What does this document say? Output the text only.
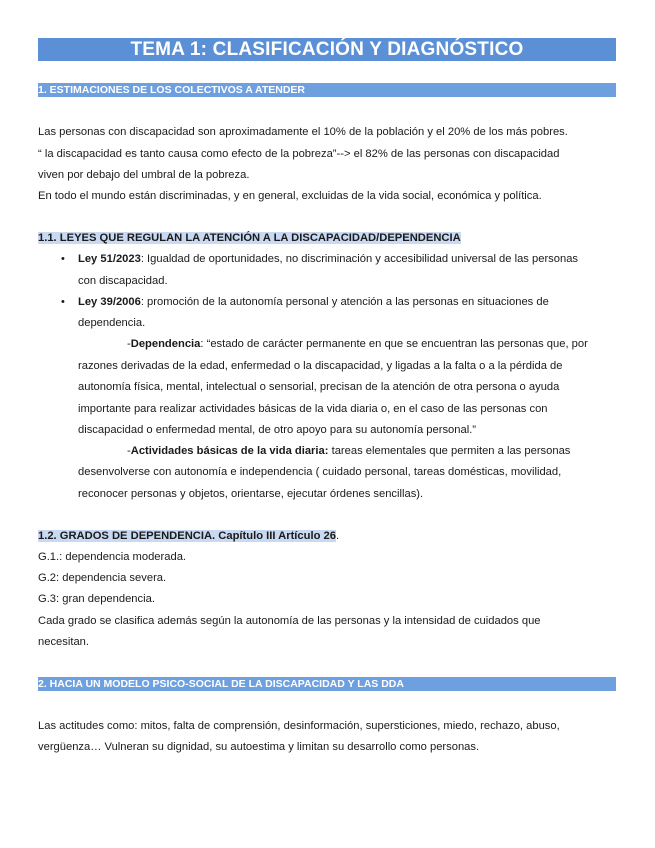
TEMA 1: CLASIFICACIÓN Y DIAGNÓSTICO
1. ESTIMACIONES DE LOS COLECTIVOS A ATENDER
Las personas con discapacidad son aproximadamente el 10% de la población y el 20% de los más pobres.
“ la discapacidad es tanto causa como efecto de la pobreza”--> el 82% de las personas con discapacidad
viven por debajo del umbral de la pobreza.
En todo el mundo están discriminadas, y en general, excluidas de la vida social, económica y política.
1.1. LEYES QUE REGULAN LA ATENCIÓN A LA DISCAPACIDAD/DEPENDENCIA
• Ley 51/2023: Igualdad de oportunidades, no discriminación y accesibilidad universal de las personas
con discapacidad.
• Ley 39/2006: promoción de la autonomía personal y atención a las personas en situaciones de
dependencia.
-Dependencia: “estado de carácter permanente en que se encuentran las personas que, por
razones derivadas de la edad, enfermedad o la discapacidad, y ligadas a la falta o a la pérdida de
autonomía física, mental, intelectual o sensorial, precisan de la atención de otra persona o ayuda
importante para realizar actividades básicas de la vida diaria o, en el caso de las personas con
discapacidad o enfermedad mental, de otro apoyo para su autonomía personal.”
-Actividades básicas de la vida diaria: tareas elementales que permiten a las personas
desenvolverse con autonomía e independencia ( cuidado personal, tareas domésticas, movilidad,
reconocer personas y objetos, orientarse, ejecutar órdenes sencillas).
1.2. GRADOS DE DEPENDENCIA. Capítulo III Artículo 26.
G.1.: dependencia moderada.
G.2: dependencia severa.
G.3: gran dependencia.
Cada grado se clasifica además según la autonomía de las personas y la intensidad de cuidados que
necesitan.
2. HACIA UN MODELO PSICO-SOCIAL DE LA DISCAPACIDAD Y LAS DDA
Las actitudes como: mitos, falta de comprensión, desinformación, supersticiones, miedo, rechazo, abuso,
vergüenza… Vulneran su dignidad, su autoestima y limitan su desarrollo como personas.
